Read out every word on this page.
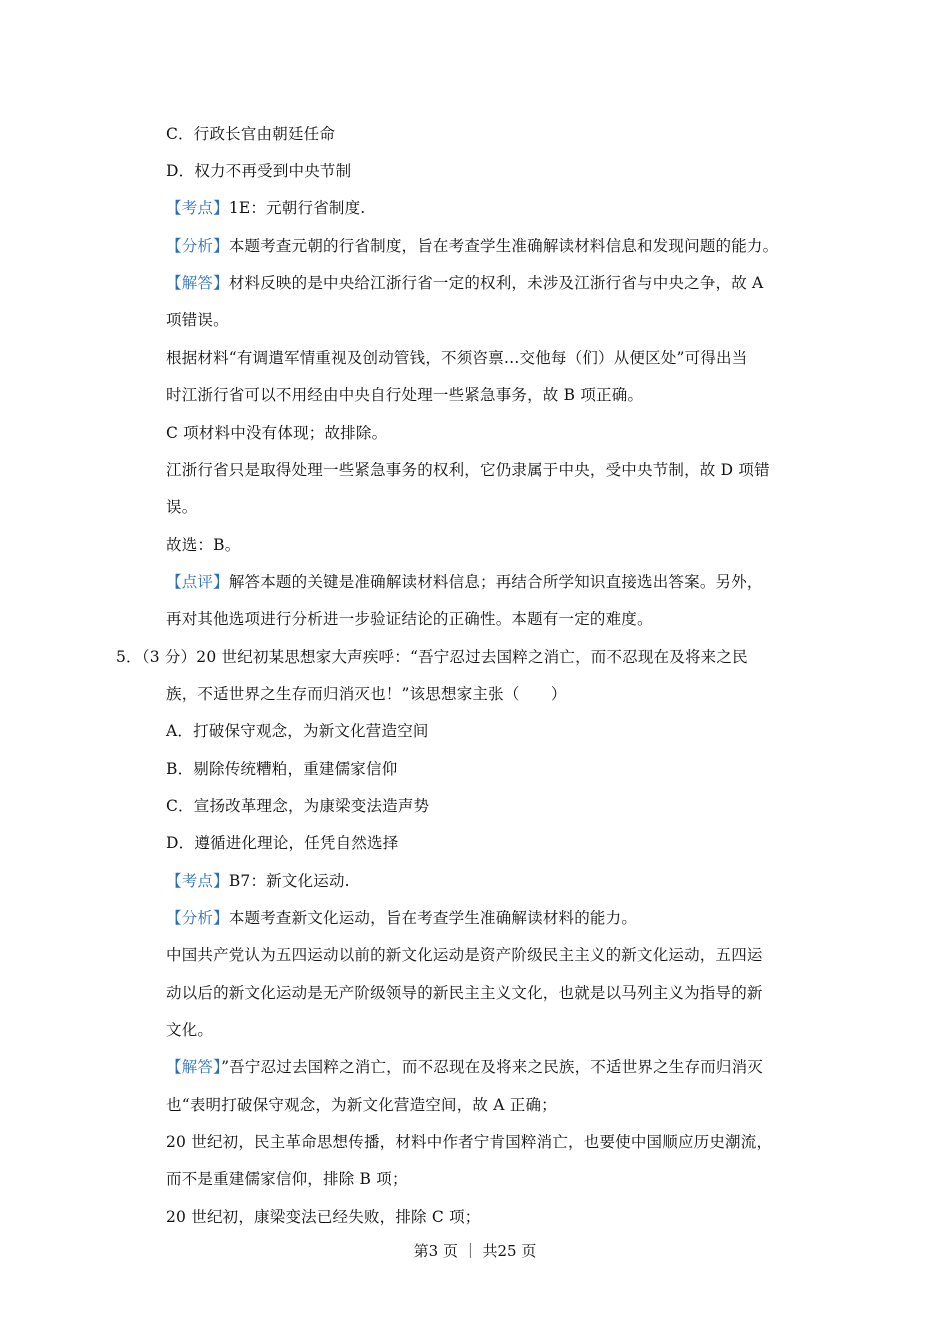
C．行政长官由朝廷任命
D．权力不再受到中央节制
【考点】1E：元朝行省制度.
【分析】本题考查元朝的行省制度，旨在考查学生准确解读材料信息和发现问题的能力。
【解答】材料反映的是中央给江浙行省一定的权利，未涉及江浙行省与中央之争，故 A
项错误。
根据材料“有调遣军情重视及创动管钱，不须咨禀…交他每（们）从便区处”可得出当
时江浙行省可以不用经由中央自行处理一些紧急事务，故 B 项正确。
C 项材料中没有体现；故排除。
江浙行省只是取得处理一些紧急事务的权利，它仍隶属于中央，受中央节制，故 D 项错
误。
故选：B。
【点评】解答本题的关键是准确解读材料信息；再结合所学知识直接选出答案。另外，
再对其他选项进行分析进一步验证结论的正确性。本题有一定的难度。
5．（3 分）20 世纪初某思想家大声疾呼：“吾宁忍过去国粹之消亡，而不忍现在及将来之民
族，不适世界之生存而归消灭也！”该思想家主张（　　）
A．打破保守观念，为新文化营造空间
B．剔除传统糟粕，重建儒家信仰
C．宣扬改革理念，为康梁变法造声势
D．遵循进化理论，任凭自然选择
【考点】B7：新文化运动.
【分析】本题考查新文化运动，旨在考查学生准确解读材料的能力。
中国共产党认为五四运动以前的新文化运动是资产阶级民主主义的新文化运动，五四运
动以后的新文化运动是无产阶级领导的新民主主义文化，也就是以马列主义为指导的新
文化。
【解答】”吾宁忍过去国粹之消亡，而不忍现在及将来之民族，不适世界之生存而归消灭
也“表明打破保守观念，为新文化营造空间，故 A 正确；
20 世纪初，民主革命思想传播，材料中作者宁肯国粹消亡，也要使中国顺应历史潮流，
而不是重建儒家信仰，排除 B 项；
20 世纪初，康梁变法已经失败，排除 C 项；
第3 页 ｜ 共25 页
